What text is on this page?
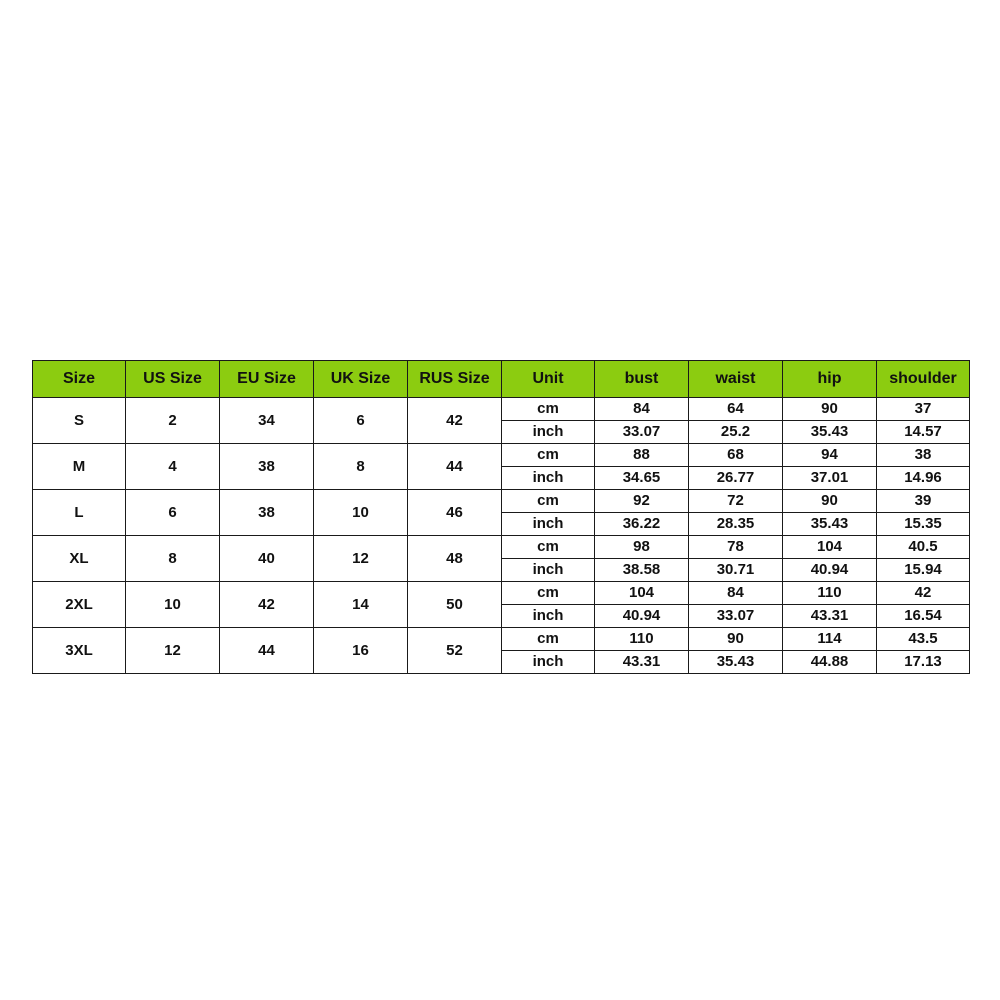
Size	US Size	EU Size	UK Size	RUS Size	Unit	bust	waist	hip	shoulder
S	2	34	6	42	cm	84	64	90	37
					inch	33.07	25.2	35.43	14.57
M	4	38	8	44	cm	88	68	94	38
					inch	34.65	26.77	37.01	14.96
L	6	38	10	46	cm	92	72	90	39
					inch	36.22	28.35	35.43	15.35
XL	8	40	12	48	cm	98	78	104	40.5
					inch	38.58	30.71	40.94	15.94
2XL	10	42	14	50	cm	104	84	110	42
					inch	40.94	33.07	43.31	16.54
3XL	12	44	16	52	cm	110	90	114	43.5
					inch	43.31	35.43	44.88	17.13
